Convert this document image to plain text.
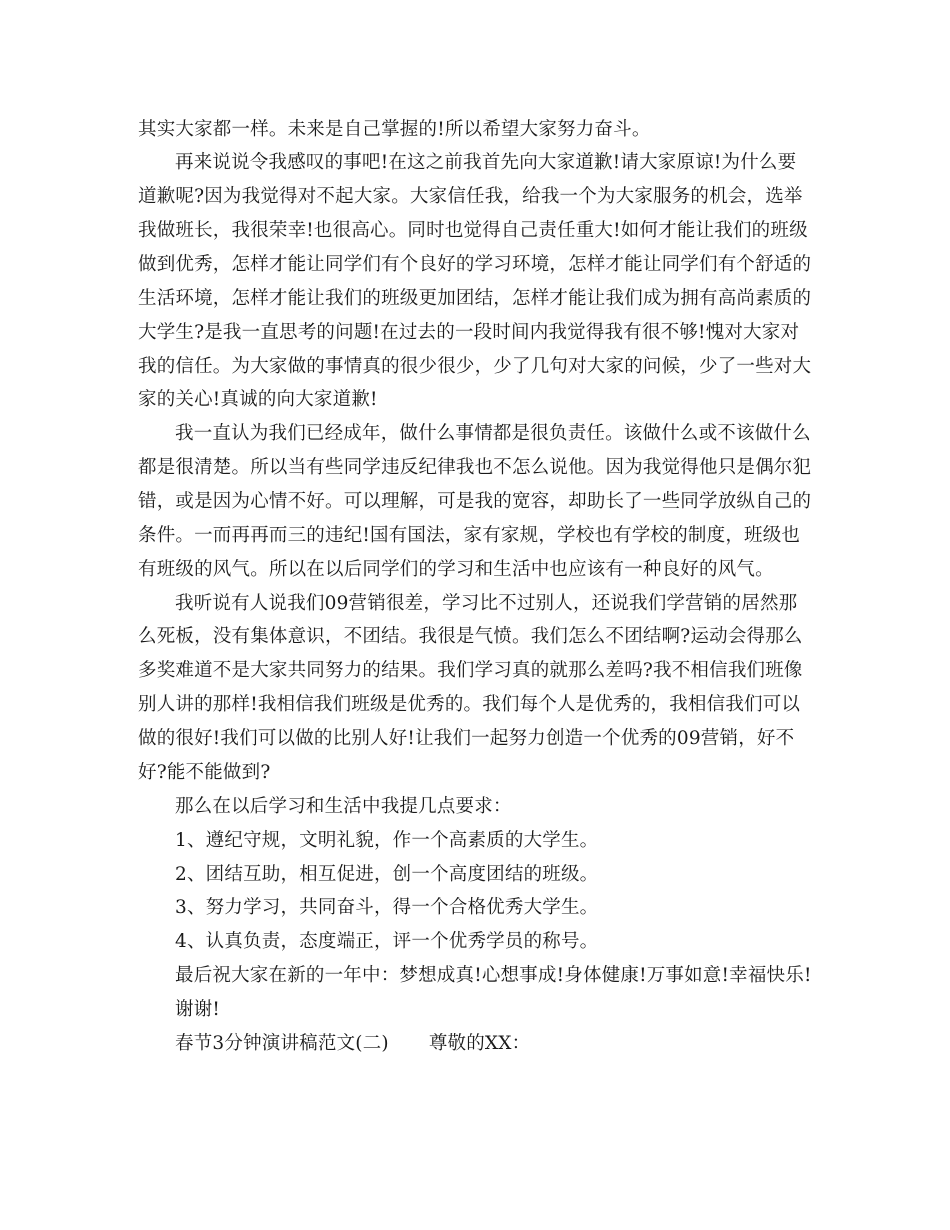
其实大家都一样。未来是自己掌握的!所以希望大家努力奋斗。
再来说说令我感叹的事吧!在这之前我首先向大家道歉!请大家原谅!为什么要
道歉呢?因为我觉得对不起大家。大家信任我，给我一个为大家服务的机会，选举
我做班长，我很荣幸!也很高心。同时也觉得自己责任重大!如何才能让我们的班级
做到优秀，怎样才能让同学们有个良好的学习环境，怎样才能让同学们有个舒适的
生活环境，怎样才能让我们的班级更加团结，怎样才能让我们成为拥有高尚素质的
大学生?是我一直思考的问题!在过去的一段时间内我觉得我有很不够!愧对大家对
我的信任。为大家做的事情真的很少很少，少了几句对大家的问候，少了一些对大
家的关心!真诚的向大家道歉!
我一直认为我们已经成年，做什么事情都是很负责任。该做什么或不该做什么
都是很清楚。所以当有些同学违反纪律我也不怎么说他。因为我觉得他只是偶尔犯
错，或是因为心情不好。可以理解，可是我的宽容，却助长了一些同学放纵自己的
条件。一而再再而三的违纪!国有国法，家有家规，学校也有学校的制度，班级也
有班级的风气。所以在以后同学们的学习和生活中也应该有一种良好的风气。
我听说有人说我们09营销很差，学习比不过别人，还说我们学营销的居然那
么死板，没有集体意识，不团结。我很是气愤。我们怎么不团结啊?运动会得那么
多奖难道不是大家共同努力的结果。我们学习真的就那么差吗?我不相信我们班像
别人讲的那样!我相信我们班级是优秀的。我们每个人是优秀的，我相信我们可以
做的很好!我们可以做的比别人好!让我们一起努力创造一个优秀的09营销，好不
好?能不能做到?
那么在以后学习和生活中我提几点要求：
1、遵纪守规，文明礼貌，作一个高素质的大学生。
2、团结互助，相互促进，创一个高度团结的班级。
3、努力学习，共同奋斗，得一个合格优秀大学生。
4、认真负责，态度端正，评一个优秀学员的称号。
最后祝大家在新的一年中：梦想成真!心想事成!身体健康!万事如意!幸福快乐!
谢谢!
春节3分钟演讲稿范文(二) 尊敬的XX：
